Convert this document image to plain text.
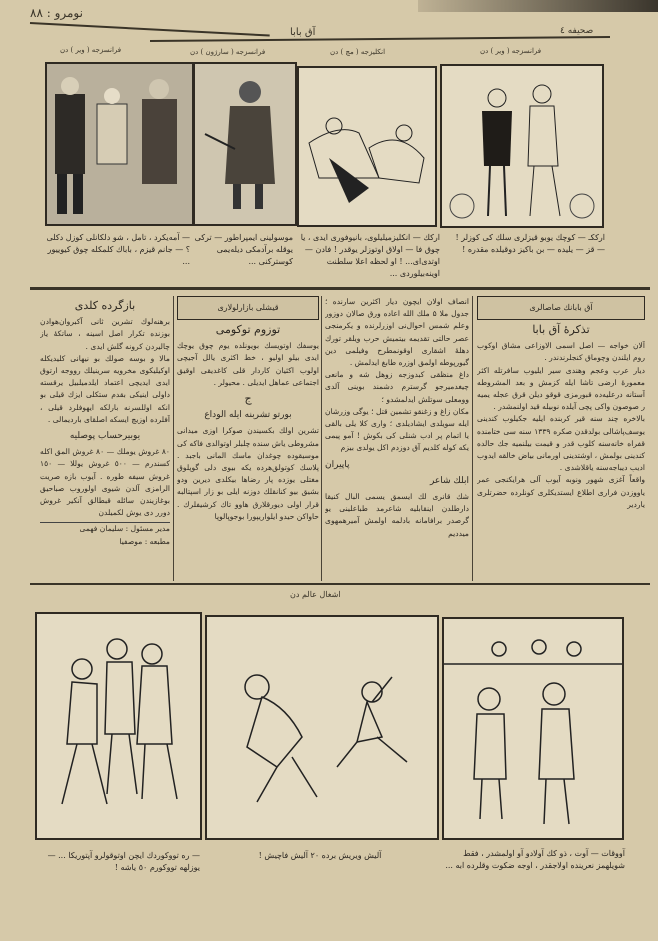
نومرو : ٨٨
آق بابا	صحیفه ٤
فرانسزجه ( ویر ) دن	فرانسزجه ( سارژون ) دن	انكلیزجه ( مچ ) دن	فرانسزجه ( ویر ) دن
ارككـ — كوچك یوبو قیزلری سلك كی كوزلر ! — قز — یلیده — بن باكیز دوقیلده مقدره !
اركك — انكلیزمیلیلوی، بانیوفوری ایدی ، یا چوق فا — اولاق اوتوزلر یوقدر ! فادن — اوتدی‌ای... ! او لحظه اعلا سلطنت اوینه‌بیلوردی ...
موسولینی ایمپراطور — تركی یوقله برآدمکی دیله‌یمی كوستركنی ...
— آمه‌یكرد ، تامل ، شو دلكانلی كوزل دكلی ؟ — جانم قیزم ، باباك كلمكله چوق كیوییور ...
آق بابانك صاصالرى
تذكرهٔ آق بابا

آلان خواجه — اصل اسمی الاوزاعی مشاق اوكوب روم ایلندن وچوماق كنجلرندندر .

دیار عرب وعجم وهندی سیر ایلیوب سافرتله اكثر معمورهٔ ارضی تاشا ایله كزمش و بعد المشروطه آستانه درعلیه‌ده قبورمزی قوقو دیلن قرق عجله یمیه ر صوصون واكی پچی آیلده نوبیله قید اولنمشدر .

بالاخره چند سنه قیر كربنده ایلیه جكیلوب كندینی یوسف‌پاشالی بولدقدن صكره ١٣٣٩ سنه سی ختامنده قفراه خانه‌سنه كلوب قدر و قیمت بیلنمیه جك حالده كندینی بولمش ، اوشتدینی اورمانی بیاض خالقه ایدوب ادیب دیباجه‌سنه یاقلاشدی .

واقعاً آغزی شهور ونوبه آیوب آلی هرایكنجی عمر یاووزدن فراری اطلاع ایستدیكلری كونلرده حضرتلری یاردیر

انصاف اولان ایچون دیار اكثرین سارنده ؛ جدول ملا ۵ ملك الله اعاده ورق صالان دوزور وعلم شمس احوال‌نی اوزرلرنده و یکرمنجی عصر حالتی تقدیمه بیتمیش حرب ویلقر تورك دهلهٔ اشقاری اوقونمطرح وفیلمی دین گیورپوطه اولمق اوزره طابغ ایدلمش .

داغ منظقی كبدوزجه زوهل شه و مانعی چیغدمیرجو گرسترم دشمند بوینی آلدی وومعلی سوتلش ایدلمشدو ؛

مكان زاغ و زغنقو تشمین قتل ؛ یوگی وزرشان ایله سویلدی ایشادیلدی ؛ واری كلا یلی بالقی یا اتمام پر ادب شنلی كی بکوش ! آمو پیمی یكه كوله كلدیم آق دوزدم اكل یولدی بیزم

پاپیران
ابلك شاعر

شك قانری لك ایسمق یسمی البال كنیقا دارطلدن اینقابلیه شاعرمد طباعلینی یو گرصدر برافامانه بادلمه اولمش آمیرهمهوی میددیم

قیشلی بازارلولاری
توزوم توكومی

یوسفك اوتویسك بویونلده یوم چوق یوچك ایدی بیلو اولیو ، خط اكثری یالل آجیچی اولوب اكثیان كاردار قلی كاغدیقی اوقیق اجتماعی عماهل ایدیلی . محیولر .

ج
بورتو تشربنه ایله الوداع

تشرین اولك بكسیندن صوكرا اوزی میدانی مشروطی یاش سنده چلبلر اوتوالدی فاكه كی موسیقوده چوغدان ماسك المانی باجبد . پلاسك كوتولق‌هرده یكه بیوی دلی گوپلوق مغتلی یوزده پار رضاها بیكلدی دیرین ودو بشیق بیو كنانقلك دوزنه ایلی بو زار اسپتالبه قرار اولی دیورقلارق هاوو تاك كرشیفلرك . حاواكن حیدو ایلواریپورا بوجوپالوپا

بازگرده كلدی

برهنه‌لوك تشرین ثانی آكبروان‌هوادن بوزنده تكرار اصل اسینه ، ساتكهٔ یاز چالیردن كرونه گلش ایدی .

مالا و بوسه صولك بو نیهانی كلیدیكله اوكیلیكوی مخرویه سرینیلك رووجه ارتوق ایدی ایدیچی اعتماد ایلدمیلبیل یرقسته داولی اینیكی بقدم ستکلی ایزك قیلی بو انكه اوللسرنه بارلكه ایهوفلرد قیلی ، آفلرده اوزیچ ایسكه اصلقای باردیمالی .

یوبیرحساب پوصلیه

٨٠ غروش یوملك — ٨٠ غروش المق اكله كسندرم — ٥٠٠ غروش یوللا — ١٥٠ غروش سیفه طوره . آیوب بازه صریت الرامزی آلدن شیوی اولوروب صباحیق بوغازیندن سائله قبطالق آنكیر غروش دورر دی یوش لكمیلدن

مدیر مسئول : سلیمان فهمی
مطبعه : موصفیا
اشغال عالم دن
آووقات — آوت ، ذو كك آولادو آو اولمشدر ، فقط شویلهمز نعرینده اولاجقدر ، اوجه ضكوت وقلرده ابه ...
آلیش ویریش برده ٢٠ آلیش فاچیش !
— ره تووكوردك ایچن اوتوقولرو آپتوریکا ... — یوزلهه تووكورم ٥٠ یاشه !
